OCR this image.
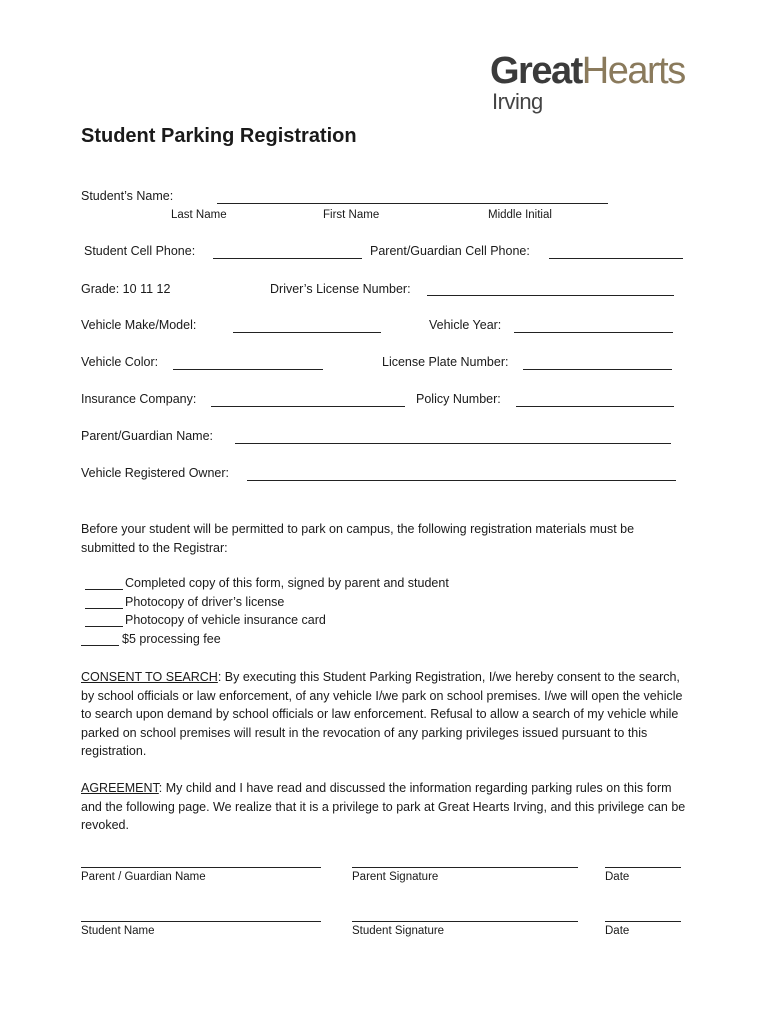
GreatHearts
Irving
Student Parking Registration
Student’s Name:
Last Name	First Name	Middle Initial
Student Cell Phone:	Parent/Guardian Cell Phone:
Grade: 10 11 12	Driver’s License Number:
Vehicle Make/Model:	Vehicle Year:
Vehicle Color:	License Plate Number:
Insurance Company:	Policy Number:
Parent/Guardian Name:
Vehicle Registered Owner:
Before your student will be permitted to park on campus, the following registration materials must be submitted to the Registrar:
Completed copy of this form, signed by parent and student
Photocopy of driver’s license
Photocopy of vehicle insurance card
$5 processing fee
CONSENT TO SEARCH: By executing this Student Parking Registration, I/we hereby consent to the search, by school officials or law enforcement, of any vehicle I/we park on school premises. I/we will open the vehicle to search upon demand by school officials or law enforcement. Refusal to allow a search of my vehicle while parked on school premises will result in the revocation of any parking privileges issued pursuant to this registration.
AGREEMENT: My child and I have read and discussed the information regarding parking rules on this form and the following page. We realize that it is a privilege to park at Great Hearts Irving, and this privilege can be revoked.
Parent / Guardian Name	Parent Signature	Date
Student Name	Student Signature	Date
